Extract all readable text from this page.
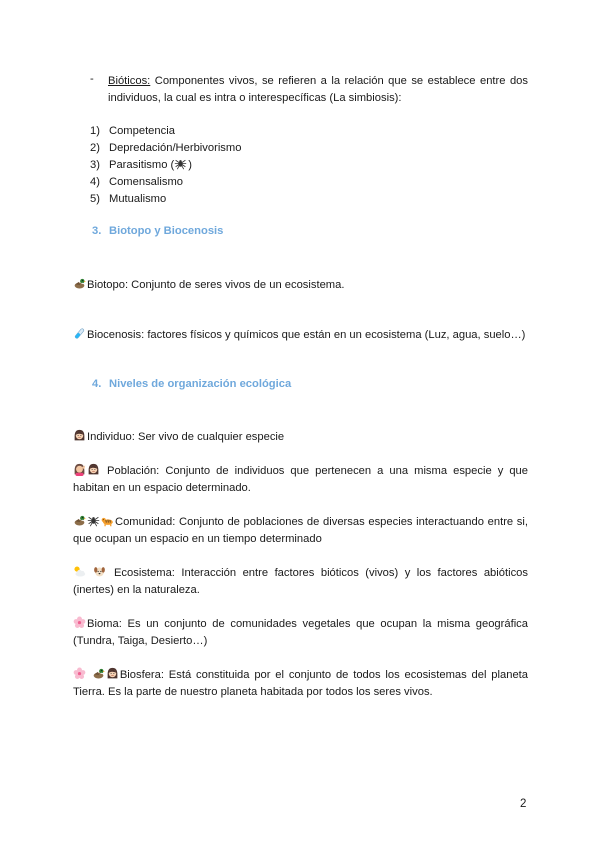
- Bióticos: Componentes vivos, se refieren a la relación que se establece entre dos individuos, la cual es intra o interespecíficas (La simbiosis):
1) Competencia
2) Depredación/Herbivorismo
3) Parasitismo ( )
4) Comensalismo
5) Mutualismo
3. Biotopo y Biocenosis
Biotopo: Conjunto de seres vivos de un ecosistema.
Biocenosis: factores físicos y químicos que están en un ecosistema (Luz, agua, suelo…)
4. Niveles de organización ecológica
Individuo: Ser vivo de cualquier especie
Población: Conjunto de individuos que pertenecen a una misma especie y que habitan en un espacio determinado.
Comunidad: Conjunto de poblaciones de diversas especies interactuando entre si, que ocupan un espacio en un tiempo determinado
Ecosistema: Interacción entre factores bióticos (vivos) y los factores abióticos (inertes) en la naturaleza.
Bioma: Es un conjunto de comunidades vegetales que ocupan la misma geográfica (Tundra, Taiga, Desierto…)
Biosfera: Está constituida por el conjunto de todos los ecosistemas del planeta Tierra. Es la parte de nuestro planeta habitada por todos los seres vivos.
2
